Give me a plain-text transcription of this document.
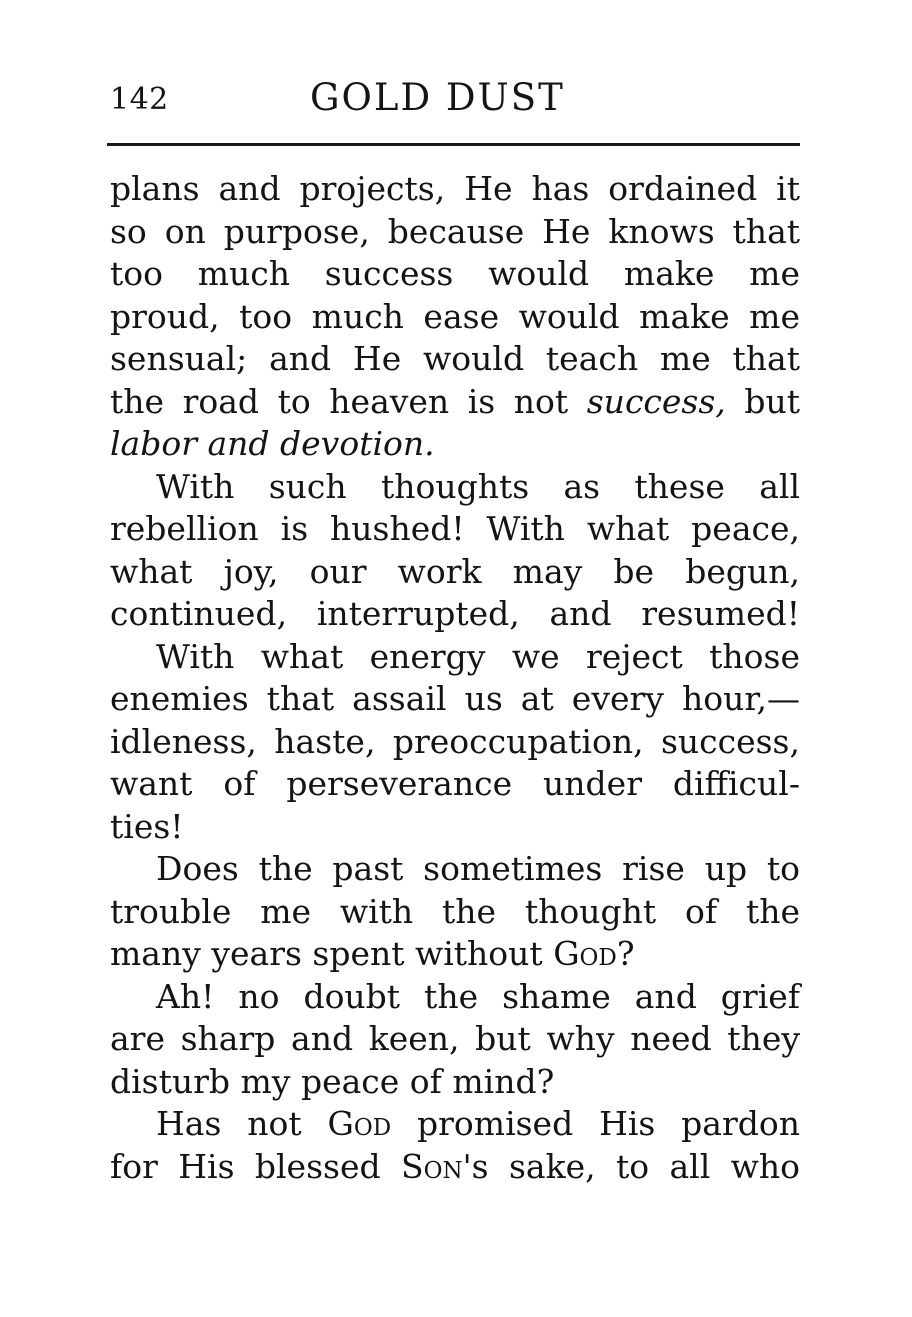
142	GOLD DUST
plans and projects, He has ordained it
so on purpose, because He knows that
too much success would make me
proud, too much ease would make me
sensual; and He would teach me that
the road to heaven is not success, but
labor and devotion.
With such thoughts as these all
rebellion is hushed! With what peace,
what joy, our work may be begun,
continued, interrupted, and resumed!
With what energy we reject those
enemies that assail us at every hour,—
idleness, haste, preoccupation, success,
want of perseverance under difficul-
ties!
Does the past sometimes rise up to
trouble me with the thought of the
many years spent without God?
Ah! no doubt the shame and grief
are sharp and keen, but why need they
disturb my peace of mind?
Has not God promised His pardon
for His blessed Son's sake, to all who
